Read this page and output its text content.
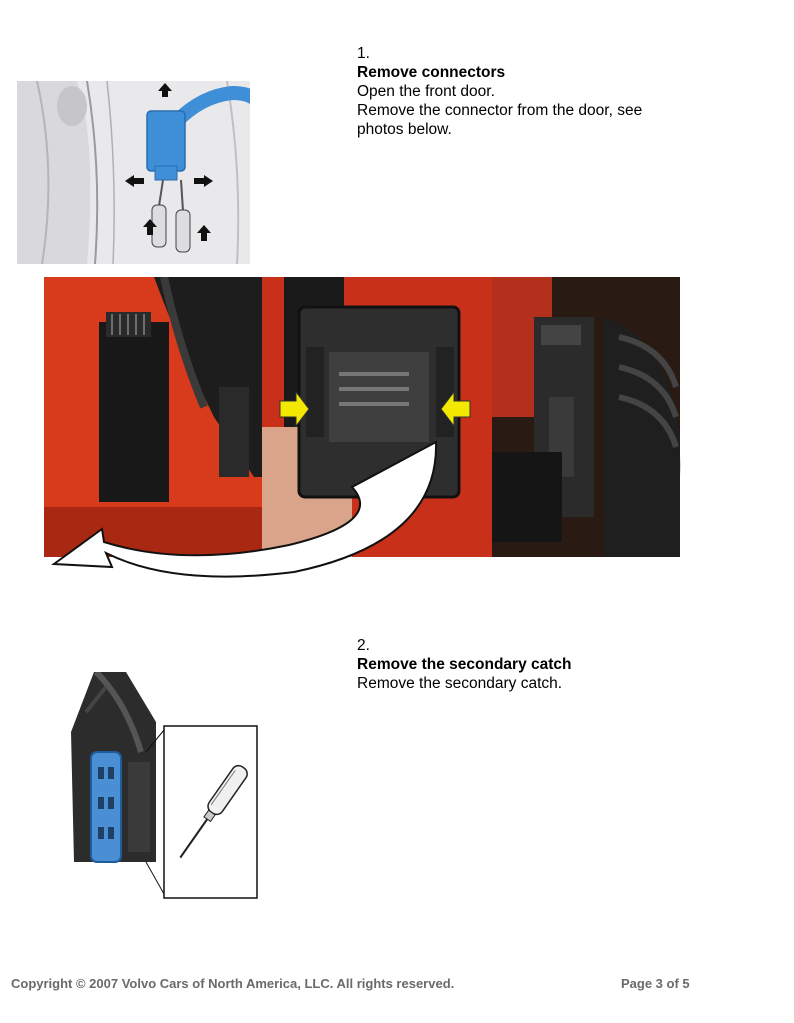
1.
Remove connectors
Open the front door.
Remove the connector from the door, see
photos below.
2.
Remove the secondary catch
Remove the secondary catch.
Copyright © 2007 Volvo Cars of North America, LLC. All rights reserved.	Page 3 of 5
